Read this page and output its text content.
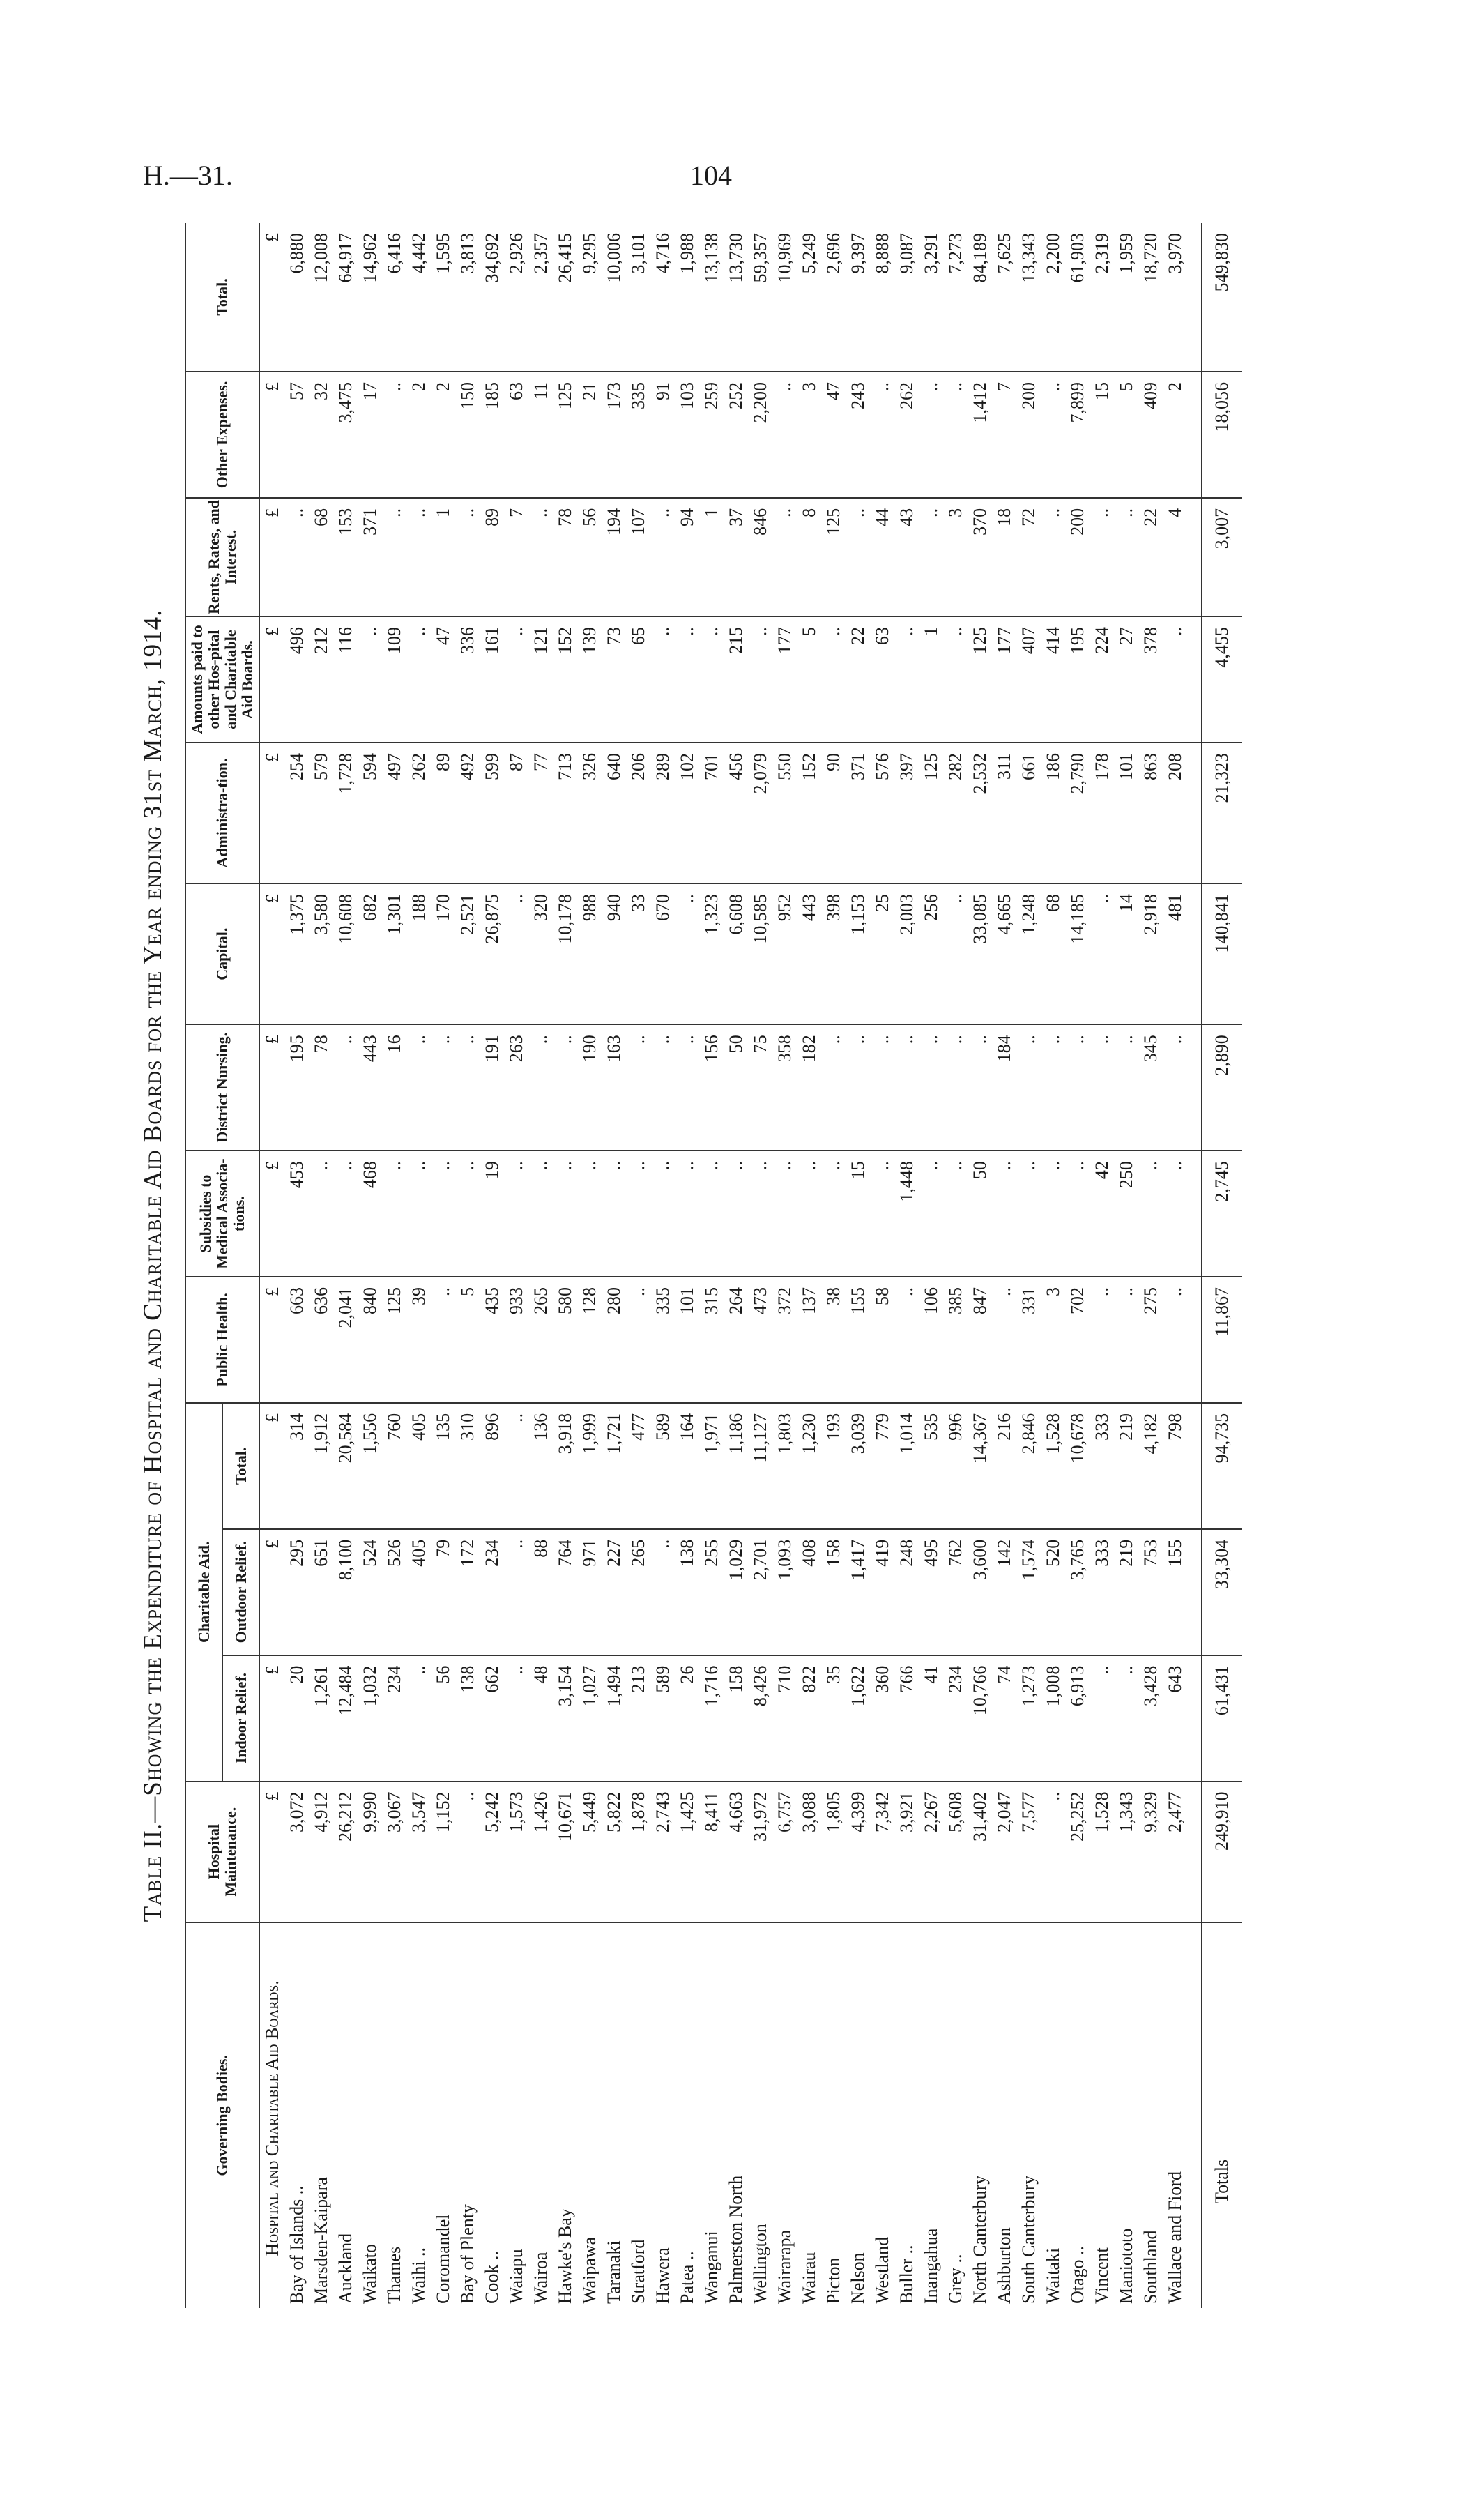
H.—31.	104
Table II.—Showing the Expenditure of Hospital and Charitable Aid Boards for the Year ending 31st March, 1914.
Governing Bodies.	Hospital Maintenance.	Charitable Aid.			Public Health.	Subsidies to Medical Associa-tions.	District Nursing.	Capital.	Administra-tion.	Amounts paid to other Hos-pital and Charitable Aid Boards.	Rents, Rates, and Interest.	Other Expenses.	Total.
		Indoor Relief.	Outdoor Relief.	Total.									
Hospital and Charitable Aid Boards.	£	£	£	£	£	£	£	£	£	£	£	£	£
Bay of Islands ..	3,072	20	295	314	663	453	195	1,375	254	496	..	57	6,880
Marsden-Kaipara	4,912	1,261	651	1,912	636	..	78	3,580	579	212	68	32	12,008
Auckland	26,212	12,484	8,100	20,584	2,041	..	..	10,608	1,728	116	153	3,475	64,917
Waikato	9,990	1,032	524	1,556	840	468	443	682	594	..	371	17	14,962
Thames	3,067	234	526	760	125	..	16	1,301	497	109	..	..	6,416
Waihi ..	3,547	..	405	405	39	..	..	188	262	..	..	2	4,442
Coromandel	1,152	56	79	135	..	..	..	170	89	47	1	2	1,595
Bay of Plenty	..	138	172	310	5	..	..	2,521	492	336	..	150	3,813
Cook ..	5,242	662	234	896	435	19	191	26,875	599	161	89	185	34,692
Waiapu	1,573	..	..	..	933	..	263	..	87	..	7	63	2,926
Wairoa	1,426	48	88	136	265	..	..	320	77	121	..	11	2,357
Hawke's Bay	10,671	3,154	764	3,918	580	..	..	10,178	713	152	78	125	26,415
Waipawa	5,449	1,027	971	1,999	128	..	190	988	326	139	56	21	9,295
Taranaki	5,822	1,494	227	1,721	280	..	163	940	640	73	194	173	10,006
Stratford	1,878	213	265	477	..	..	..	33	206	65	107	335	3,101
Hawera	2,743	589	..	589	335	..	..	670	289	..	..	91	4,716
Patea ..	1,425	26	138	164	101	..	..	..	102	..	94	103	1,988
Wanganui	8,411	1,716	255	1,971	315	..	156	1,323	701	..	1	259	13,138
Palmerston North	4,663	158	1,029	1,186	264	..	50	6,608	456	215	37	252	13,730
Wellington	31,972	8,426	2,701	11,127	473	..	75	10,585	2,079	..	846	2,200	59,357
Wairarapa	6,757	710	1,093	1,803	372	..	358	952	550	177	..	..	10,969
Wairau	3,088	822	408	1,230	137	..	182	443	152	5	8	3	5,249
Picton	1,805	35	158	193	38	..	..	398	90	..	125	47	2,696
Nelson	4,399	1,622	1,417	3,039	155	15	..	1,153	371	22	..	243	9,397
Westland	7,342	360	419	779	58	..	..	25	576	63	44	..	8,888
Buller ..	3,921	766	248	1,014	..	1,448	..	2,003	397	..	43	262	9,087
Inangahua	2,267	41	495	535	106	..	..	256	125	1	..	..	3,291
Grey ..	5,608	234	762	996	385	..	..	..	282	..	3	..	7,273
North Canterbury	31,402	10,766	3,600	14,367	847	50	..	33,085	2,532	125	370	1,412	84,189
Ashburton	2,047	74	142	216	..	..	184	4,665	311	177	18	7	7,625
South Canterbury	7,577	1,273	1,574	2,846	331	..	..	1,248	661	407	72	200	13,343
Waitaki	..	1,008	520	1,528	3	..	..	68	186	414	..	..	2,200
Otago ..	25,252	6,913	3,765	10,678	702	..	..	14,185	2,790	195	200	7,899	61,903
Vincent	1,528	..	333	333	..	42	..	..	178	224	..	15	2,319
Maniototo	1,343	..	219	219	..	250	..	14	101	27	..	5	1,959
Southland	9,329	3,428	753	4,182	275	..	345	2,918	863	378	22	409	18,720
Wallace and Fiord	2,477	643	155	798	..	..	..	481	208	..	4	2	3,970

Totals	249,910	61,431	33,304	94,735	11,867	2,745	2,890	140,841	21,323	4,455	3,007	18,056	549,830
